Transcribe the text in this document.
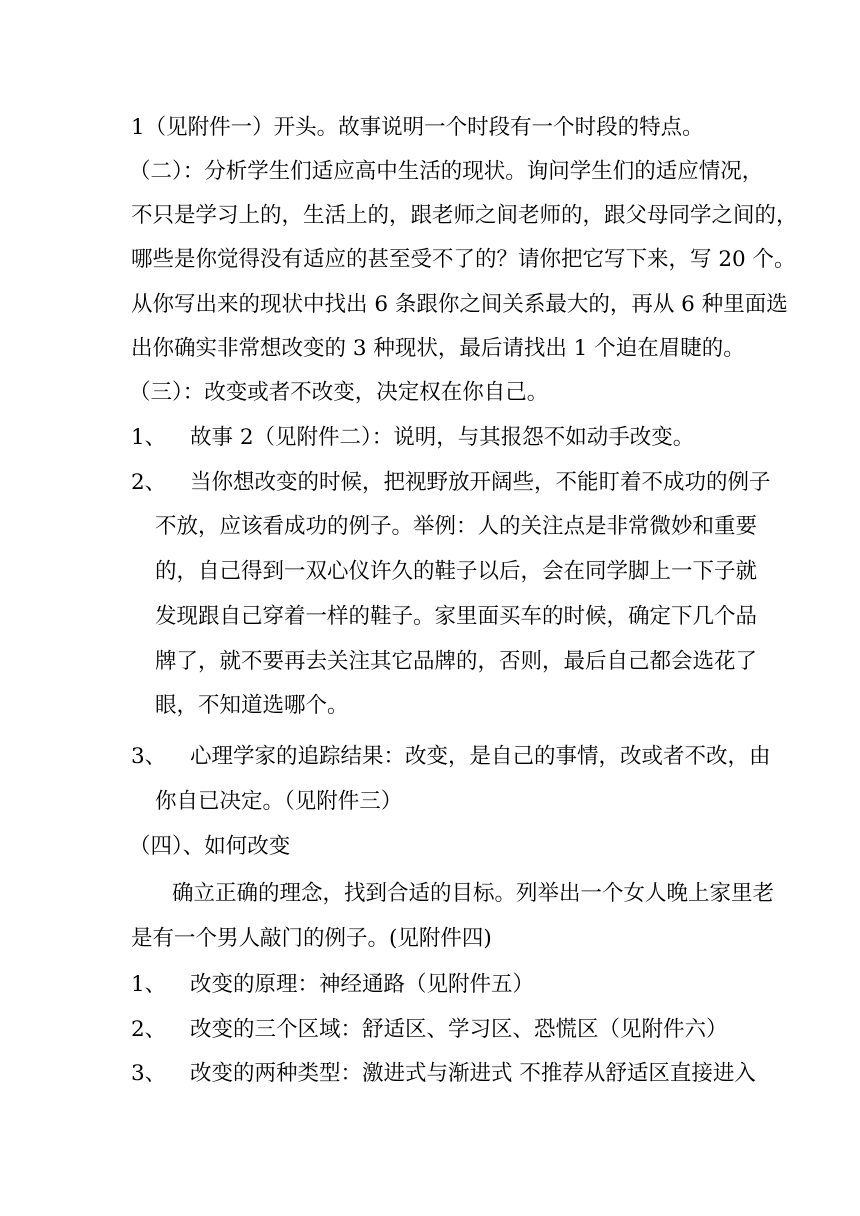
1（见附件一）开头。故事说明一个时段有一个时段的特点。
（二）：分析学生们适应高中生活的现状。询问学生们的适应情况，
不只是学习上的，生活上的，跟老师之间老师的，跟父母同学之间的，
哪些是你觉得没有适应的甚至受不了的？请你把它写下来，写 20 个。
从你写出来的现状中找出 6 条跟你之间关系最大的，再从 6 种里面选
出你确实非常想改变的 3 种现状，最后请找出 1 个迫在眉睫的。
（三）：改变或者不改变，决定权在你自己。
1、 故事 2（见附件二）：说明，与其报怨不如动手改变。
2、 当你想改变的时候，把视野放开阔些，不能盯着不成功的例子
不放，应该看成功的例子。举例：人的关注点是非常微妙和重要
的，自己得到一双心仪许久的鞋子以后，会在同学脚上一下子就
发现跟自己穿着一样的鞋子。家里面买车的时候，确定下几个品
牌了，就不要再去关注其它品牌的，否则，最后自己都会选花了
眼，不知道选哪个。
3、 心理学家的追踪结果：改变，是自己的事情，改或者不改，由
你自已决定。（见附件三）
（四）、如何改变
确立正确的理念，找到合适的目标。列举出一个女人晚上家里老
是有一个男人敲门的例子。(见附件四)
1、 改变的原理：神经通路（见附件五）
2、 改变的三个区域：舒适区、学习区、恐慌区（见附件六）
3、 改变的两种类型：激进式与渐进式 不推荐从舒适区直接进入
